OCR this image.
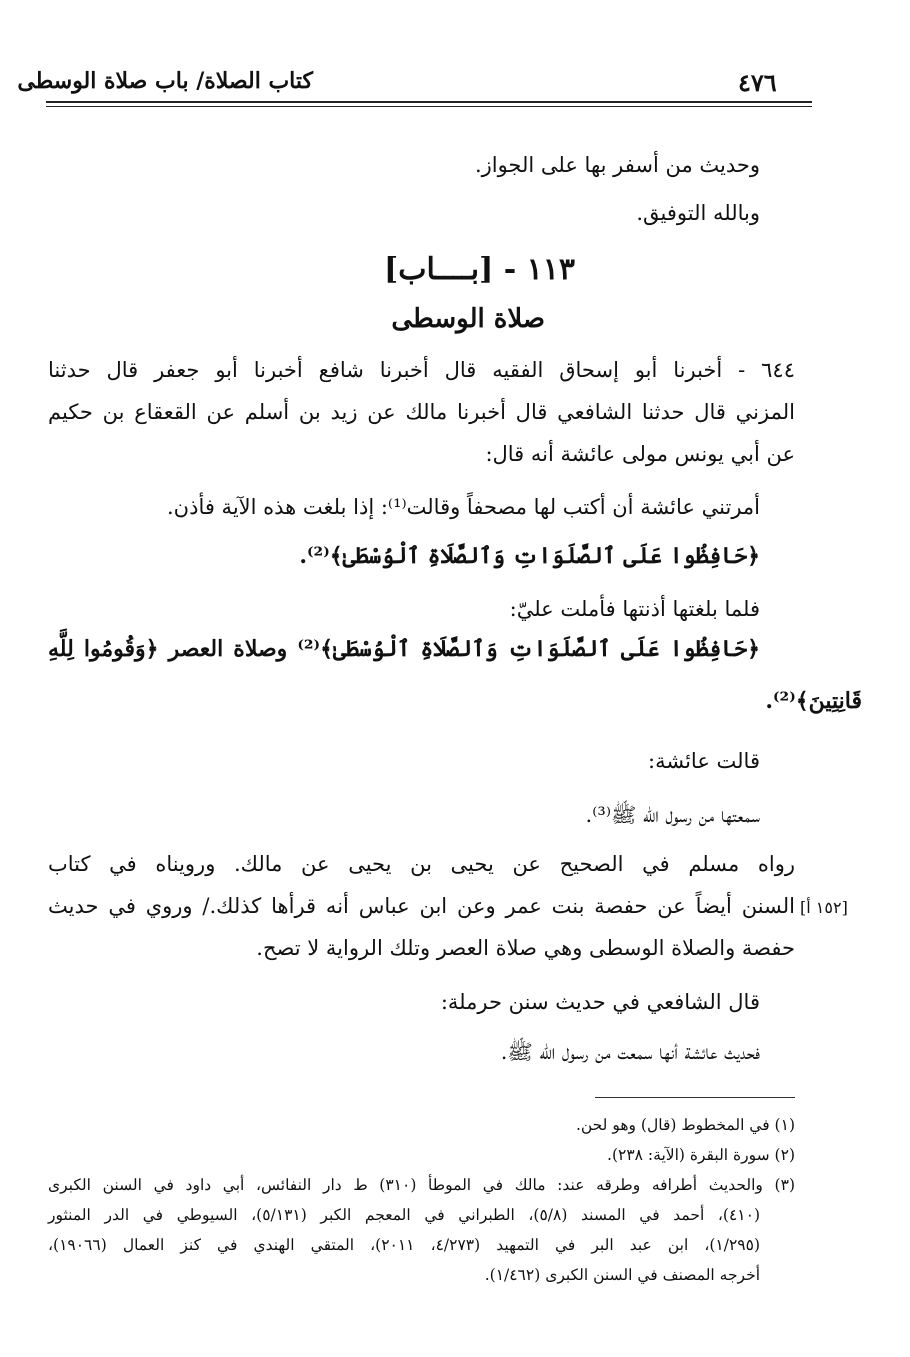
كتاب الصلاة/ باب صلاة الوسطى	٤٧٦
وحديث من أسفر بها على الجواز.
وبالله التوفيق.
١١٣ - [بــــاب]
صلاة الوسطى
٦٤٤ - أخبرنا أبو إسحاق الفقيه قال أخبرنا شافع أخبرنا أبو جعفر قال حدثنا
المزني قال حدثنا الشافعي قال أخبرنا مالك عن زيد بن أسلم عن القعقاع بن حكيم
عن أبي يونس مولى عائشة أنه قال:
أمرتني عائشة أن أكتب لها مصحفاً وقالت⁽¹⁾: إذا بلغت هذه الآية فأذن.
﴿حَافِظُوا عَلَى ٱلصَّلَوَاتِ وَٱلصَّلَاةِ ٱلْوُسْطَىٰ﴾⁽²⁾.
فلما بلغتها أذنتها فأملت عليّ:
﴿حَافِظُوا عَلَى ٱلصَّلَوَاتِ وَٱلصَّلَاةِ ٱلْوُسْطَىٰ﴾⁽²⁾ وصلاة العصر ﴿وَقُومُوا لِلَّهِ
قَانِتِينَ﴾⁽²⁾.
قالت عائشة:
سمعتها من رسول الله ﷺ⁽³⁾.
رواه مسلم في الصحيح عن يحيى بن يحيى عن مالك. ورويناه في كتاب
السنن أيضاً عن حفصة بنت عمر وعن ابن عباس أنه قرأها كذلك./ وروي في حديث
حفصة والصلاة الوسطى وهي صلاة العصر وتلك الرواية لا تصح.
[١٥٢ أ]
قال الشافعي في حديث سنن حرملة:
فحديث عائشة أنها سمعت من رسول الله ﷺ.
(١) في المخطوط (قال) وهو لحن.
(٢) سورة البقرة (الآية: ٢٣٨).
(٣) والحديث أطرافه وطرقه عند: مالك في الموطأ (٣١٠) ط دار النفائس، أبي داود في السنن الكبرى
(٤١٠)، أحمد في المسند (٥/٨)، الطبراني في المعجم الكبر (٥/١٣١)، السيوطي في الدر المنثور
(١/٢٩٥)، ابن عبد البر في التمهيد (٤/٢٧٣، ٢٠١١)، المتقي الهندي في كنز العمال (١٩٠٦٦)،
أخرجه المصنف في السنن الكبرى (١/٤٦٢).
